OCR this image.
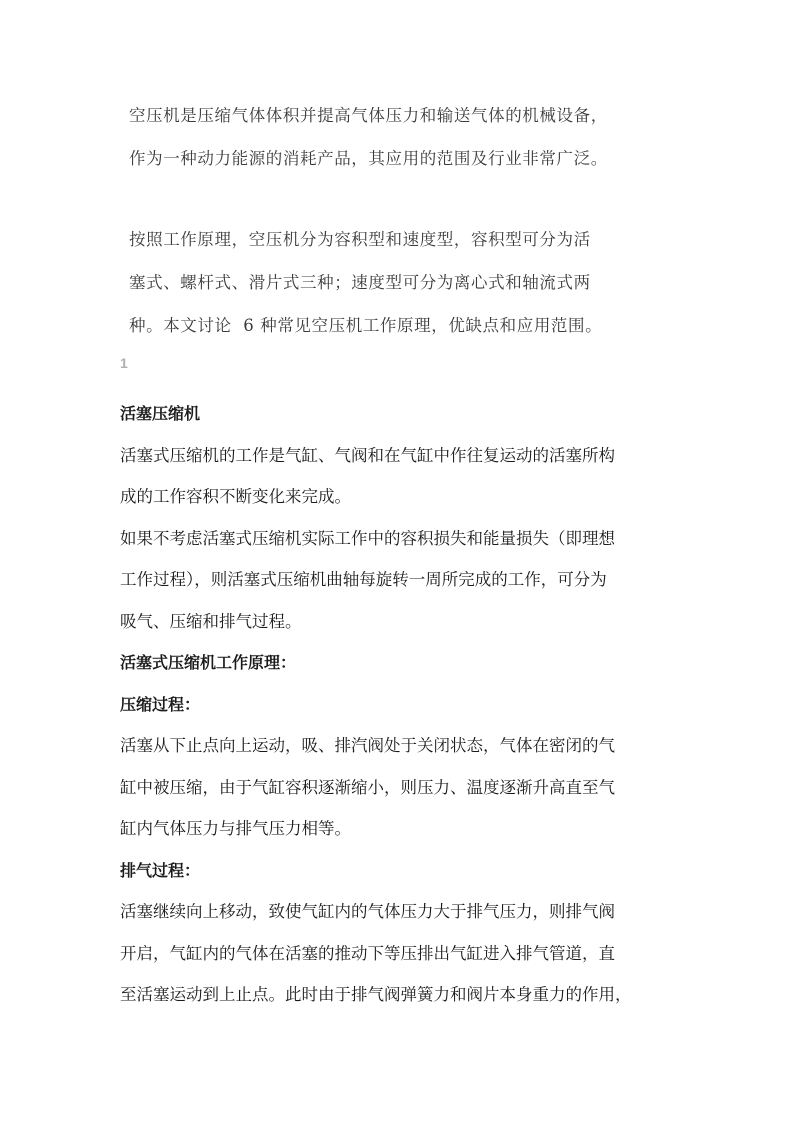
空压机是压缩气体体积并提高气体压力和输送气体的机械设备，
作为一种动力能源的消耗产品，其应用的范围及行业非常广泛。
按照工作原理，空压机分为容积型和速度型，容积型可分为活
塞式、螺杆式、滑片式三种；速度型可分为离心式和轴流式两
种。本文讨论  6 种常见空压机工作原理，优缺点和应用范围。
1

活塞压缩机

活塞式压缩机的工作是气缸、气阀和在气缸中作往复运动的活塞所构

成的工作容积不断变化来完成。

如果不考虑活塞式压缩机实际工作中的容积损失和能量损失（即理想

工作过程），则活塞式压缩机曲轴每旋转一周所完成的工作，可分为

吸气、压缩和排气过程。

活塞式压缩机工作原理：

压缩过程：

活塞从下止点向上运动，吸、排汽阀处于关闭状态，气体在密闭的气

缸中被压缩，由于气缸容积逐渐缩小，则压力、温度逐渐升高直至气

缸内气体压力与排气压力相等。

排气过程：

活塞继续向上移动，致使气缸内的气体压力大于排气压力，则排气阀

开启，气缸内的气体在活塞的推动下等压排出气缸进入排气管道，直

至活塞运动到上止点。此时由于排气阀弹簧力和阀片本身重力的作用，
